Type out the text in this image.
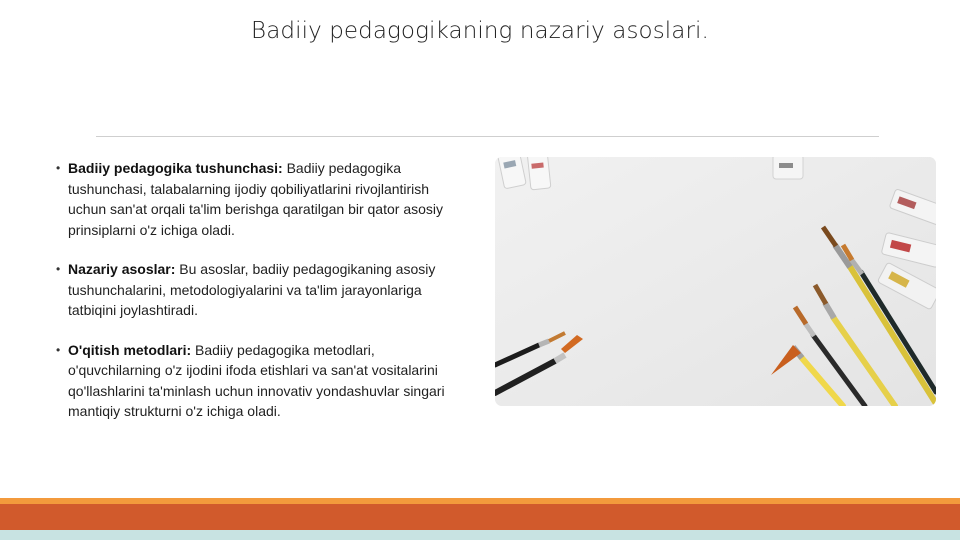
Badiiy pedagogikaning nazariy asoslari.
• Badiiy pedagogika tushunchasi: Badiiy pedagogika tushunchasi, talabalarning ijodiy qobiliyatlarini rivojlantirish uchun san'at orqali ta'lim berishga qaratilgan bir qator asosiy prinsiplarni o'z ichiga oladi.
• Nazariy asoslar: Bu asoslar, badiiy pedagogikaning asosiy tushunchalarini, metodologiyalarini va ta'lim jarayonlariga tatbiqini joylashtiradi.
• O'qitish metodlari: Badiiy pedagogika metodlari, o'quvchilarning o'z ijodini ifoda etishlari va san'at vositalarini qo'llashlarini ta'minlash uchun innovativ yondashuvlar singari mantiqiy strukturni o'z ichiga oladi.
